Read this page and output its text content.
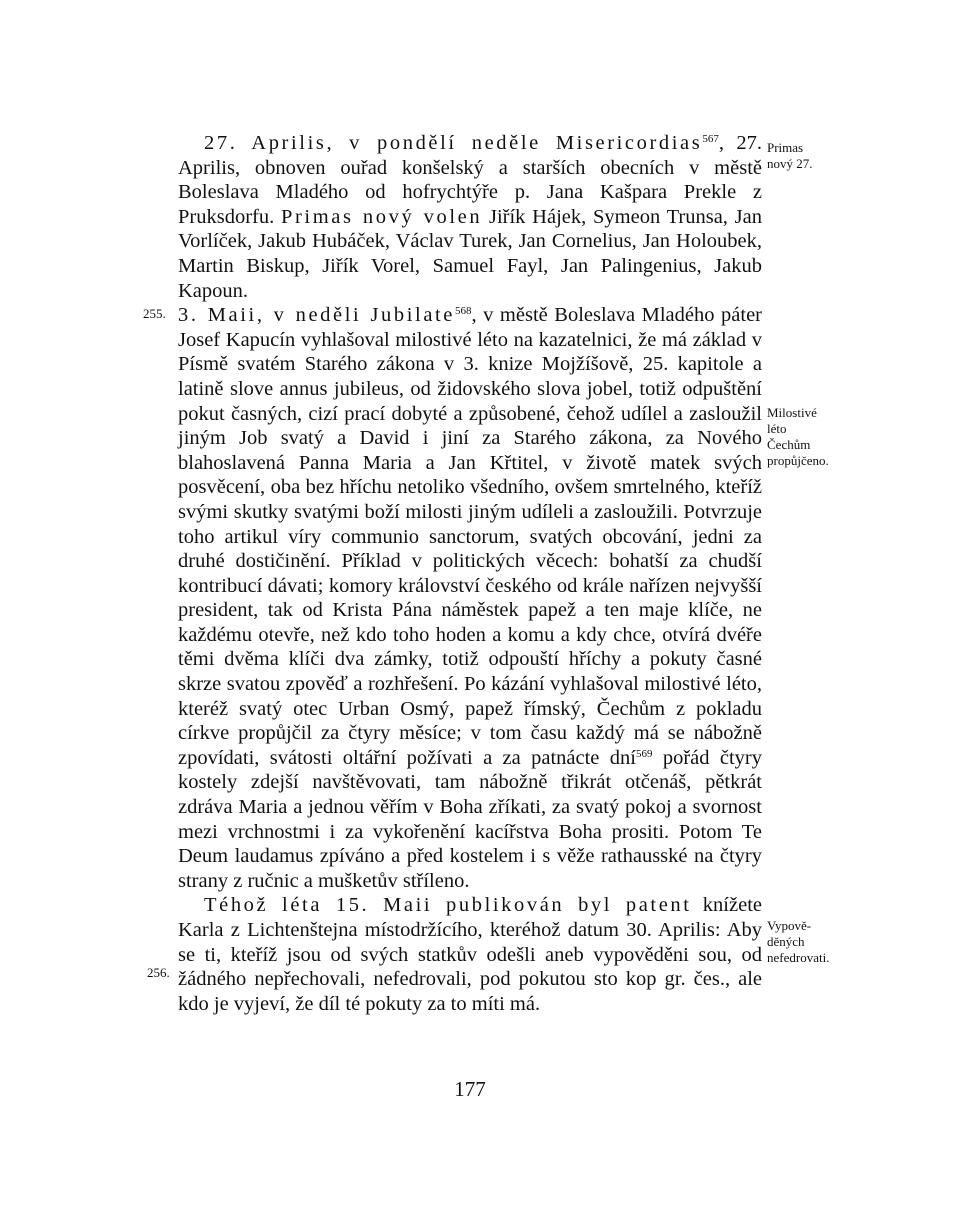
27. Aprilis, v pondělí neděle Misericordias$^{567}$, 27. Aprilis, obnoven ouřad konšelský a starších obecních v městě Boleslava Mladého od hofrychtýře p. Jana Kašpara Prekle z Pruksdorfu. Primas nový volen Jiřík Hájek, Symeon Trunsa, Jan Vorlíček, Jakub Hubáček, Václav Turek, Jan Cornelius, Jan Holoubek, Martin Biskup, Jiřík Vorel, Samuel Fayl, Jan Palingenius, Jakub Kapoun.

3. Maii, v neděli Jubilate$^{568}$, v městě Boleslava Mladého páter Josef Kapucín vyhlašoval milostivé léto na kazatelnici, že má základ v Písmě svatém Starého zákona v 3. knize Mojžíšově, 25. kapitole a latině slove annus jubileus, od židovského slova jobel, totiž odpuštění pokut časných, cizí prací dobyté a způsobené, čehož udílel a zasloužil jiným Job svatý a David i jiní za Starého zákona, za Nového blahoslavená Panna Maria a Jan Křtitel, v životě matek svých posvěcení, oba bez hříchu netoliko všedního, ovšem smrtelného, kteříž svými skutky svatými boží milosti jiným udíleli a zasloužili. Potvrzuje toho artikul víry communio sanctorum, svatých obcování, jedni za druhé dostičinění. Příklad v politických věcech: bohatší za chudší kontribucí dávati; komory království českého od krále nařízen nejvyšší president, tak od Krista Pána náměstek papež a ten maje klíče, ne každému otevře, než kdo toho hoden a komu a kdy chce, otvírá dvéře těmi dvěma klíči dva zámky, totiž odpouští hříchy a pokuty časné skrze svatou zpověď a rozhřešení. Po kázání vyhlašoval milostivé léto, kteréž svatý otec Urban Osmý, papež římský, Čechům z pokladu církve propůjčil za čtyry měsíce; v tom času každý má se nábožně zpovídati, svátosti oltářní požívati a za patnácte dní$^{569}$ pořád čtyry kostely zdejší navštěvovati, tam nábožně třikrát otčenáš, pětkrát zdráva Maria a jednou věřím v Boha zříkati, za svatý pokoj a svornost mezi vrchnostmi i za vykořenění kacířstva Boha prositi. Potom Te Deum laudamus zpíváno a před kostelem i s věže rathausské na čtyry strany z ručnic a mušketův stříleno.

Téhož léta 15. Maii publikován byl patent knížete Karla z Lichtenštejna místodržícího, kteréhož datum 30. Aprilis: Aby se ti, kteříž jsou od svých statkův odešli aneb vypověděni sou, od žádného nepřechovali, nefedrovali, pod pokutou sto kop gr. čes., ale kdo je vyjeví, že díl té pokuty za to míti má.

Primas
nový 27.
Milostivé
léto
Čechům
propůjčeno.
Vypově-
děných
nefedrovati.
255.
256.
177
